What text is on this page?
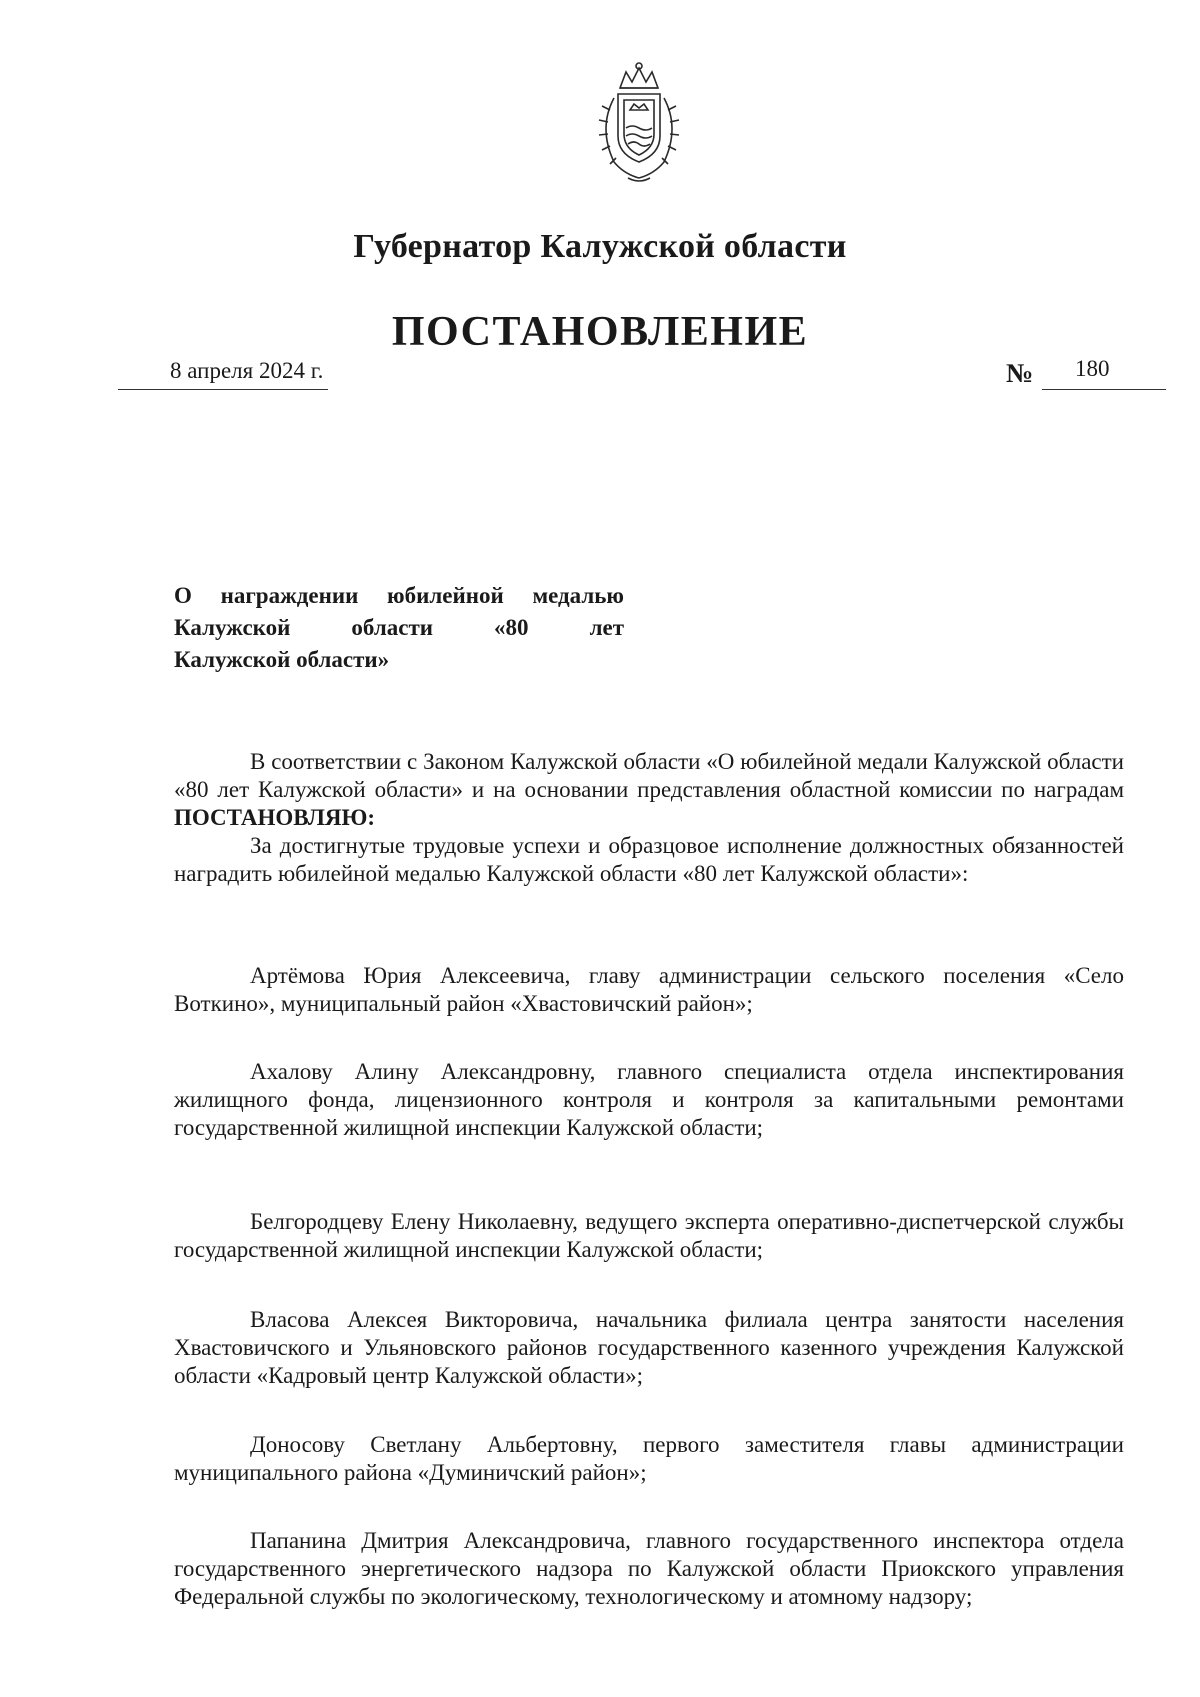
Губернатор Калужской области
ПОСТАНОВЛЕНИЕ
8 апреля 2024 г.	№ 180
О награждении юбилейной медалью
Калужской	области	«80	лет
Калужской области»

В соответствии с Законом Калужской области «О юбилейной медали Калужской области «80 лет Калужской области» и на основании представления областной комиссии по наградам ПОСТАНОВЛЯЮ:

За достигнутые трудовые успехи и образцовое исполнение должностных обязанностей наградить юбилейной медалью Калужской области «80 лет Калужской области»:

Артёмова Юрия Алексеевича, главу администрации сельского поселения «Село Воткино», муниципальный район «Хвастовичский район»;

Ахалову Алину Александровну, главного специалиста отдела инспектирования жилищного фонда, лицензионного контроля и контроля за капитальными ремонтами государственной жилищной инспекции Калужской области;

Белгородцеву Елену Николаевну, ведущего эксперта оперативно-диспетчерской службы государственной жилищной инспекции Калужской области;

Власова Алексея Викторовича, начальника филиала центра занятости населения Хвастовичского и Ульяновского районов государственного казенного учреждения Калужской области «Кадровый центр Калужской области»;

Доносову Светлану Альбертовну, первого заместителя главы администрации муниципального района «Думиничский район»;

Папанина Дмитрия Александровича, главного государственного инспектора отдела государственного энергетического надзора по Калужской области Приокского управления Федеральной службы по экологическому, технологическому и атомному надзору;
